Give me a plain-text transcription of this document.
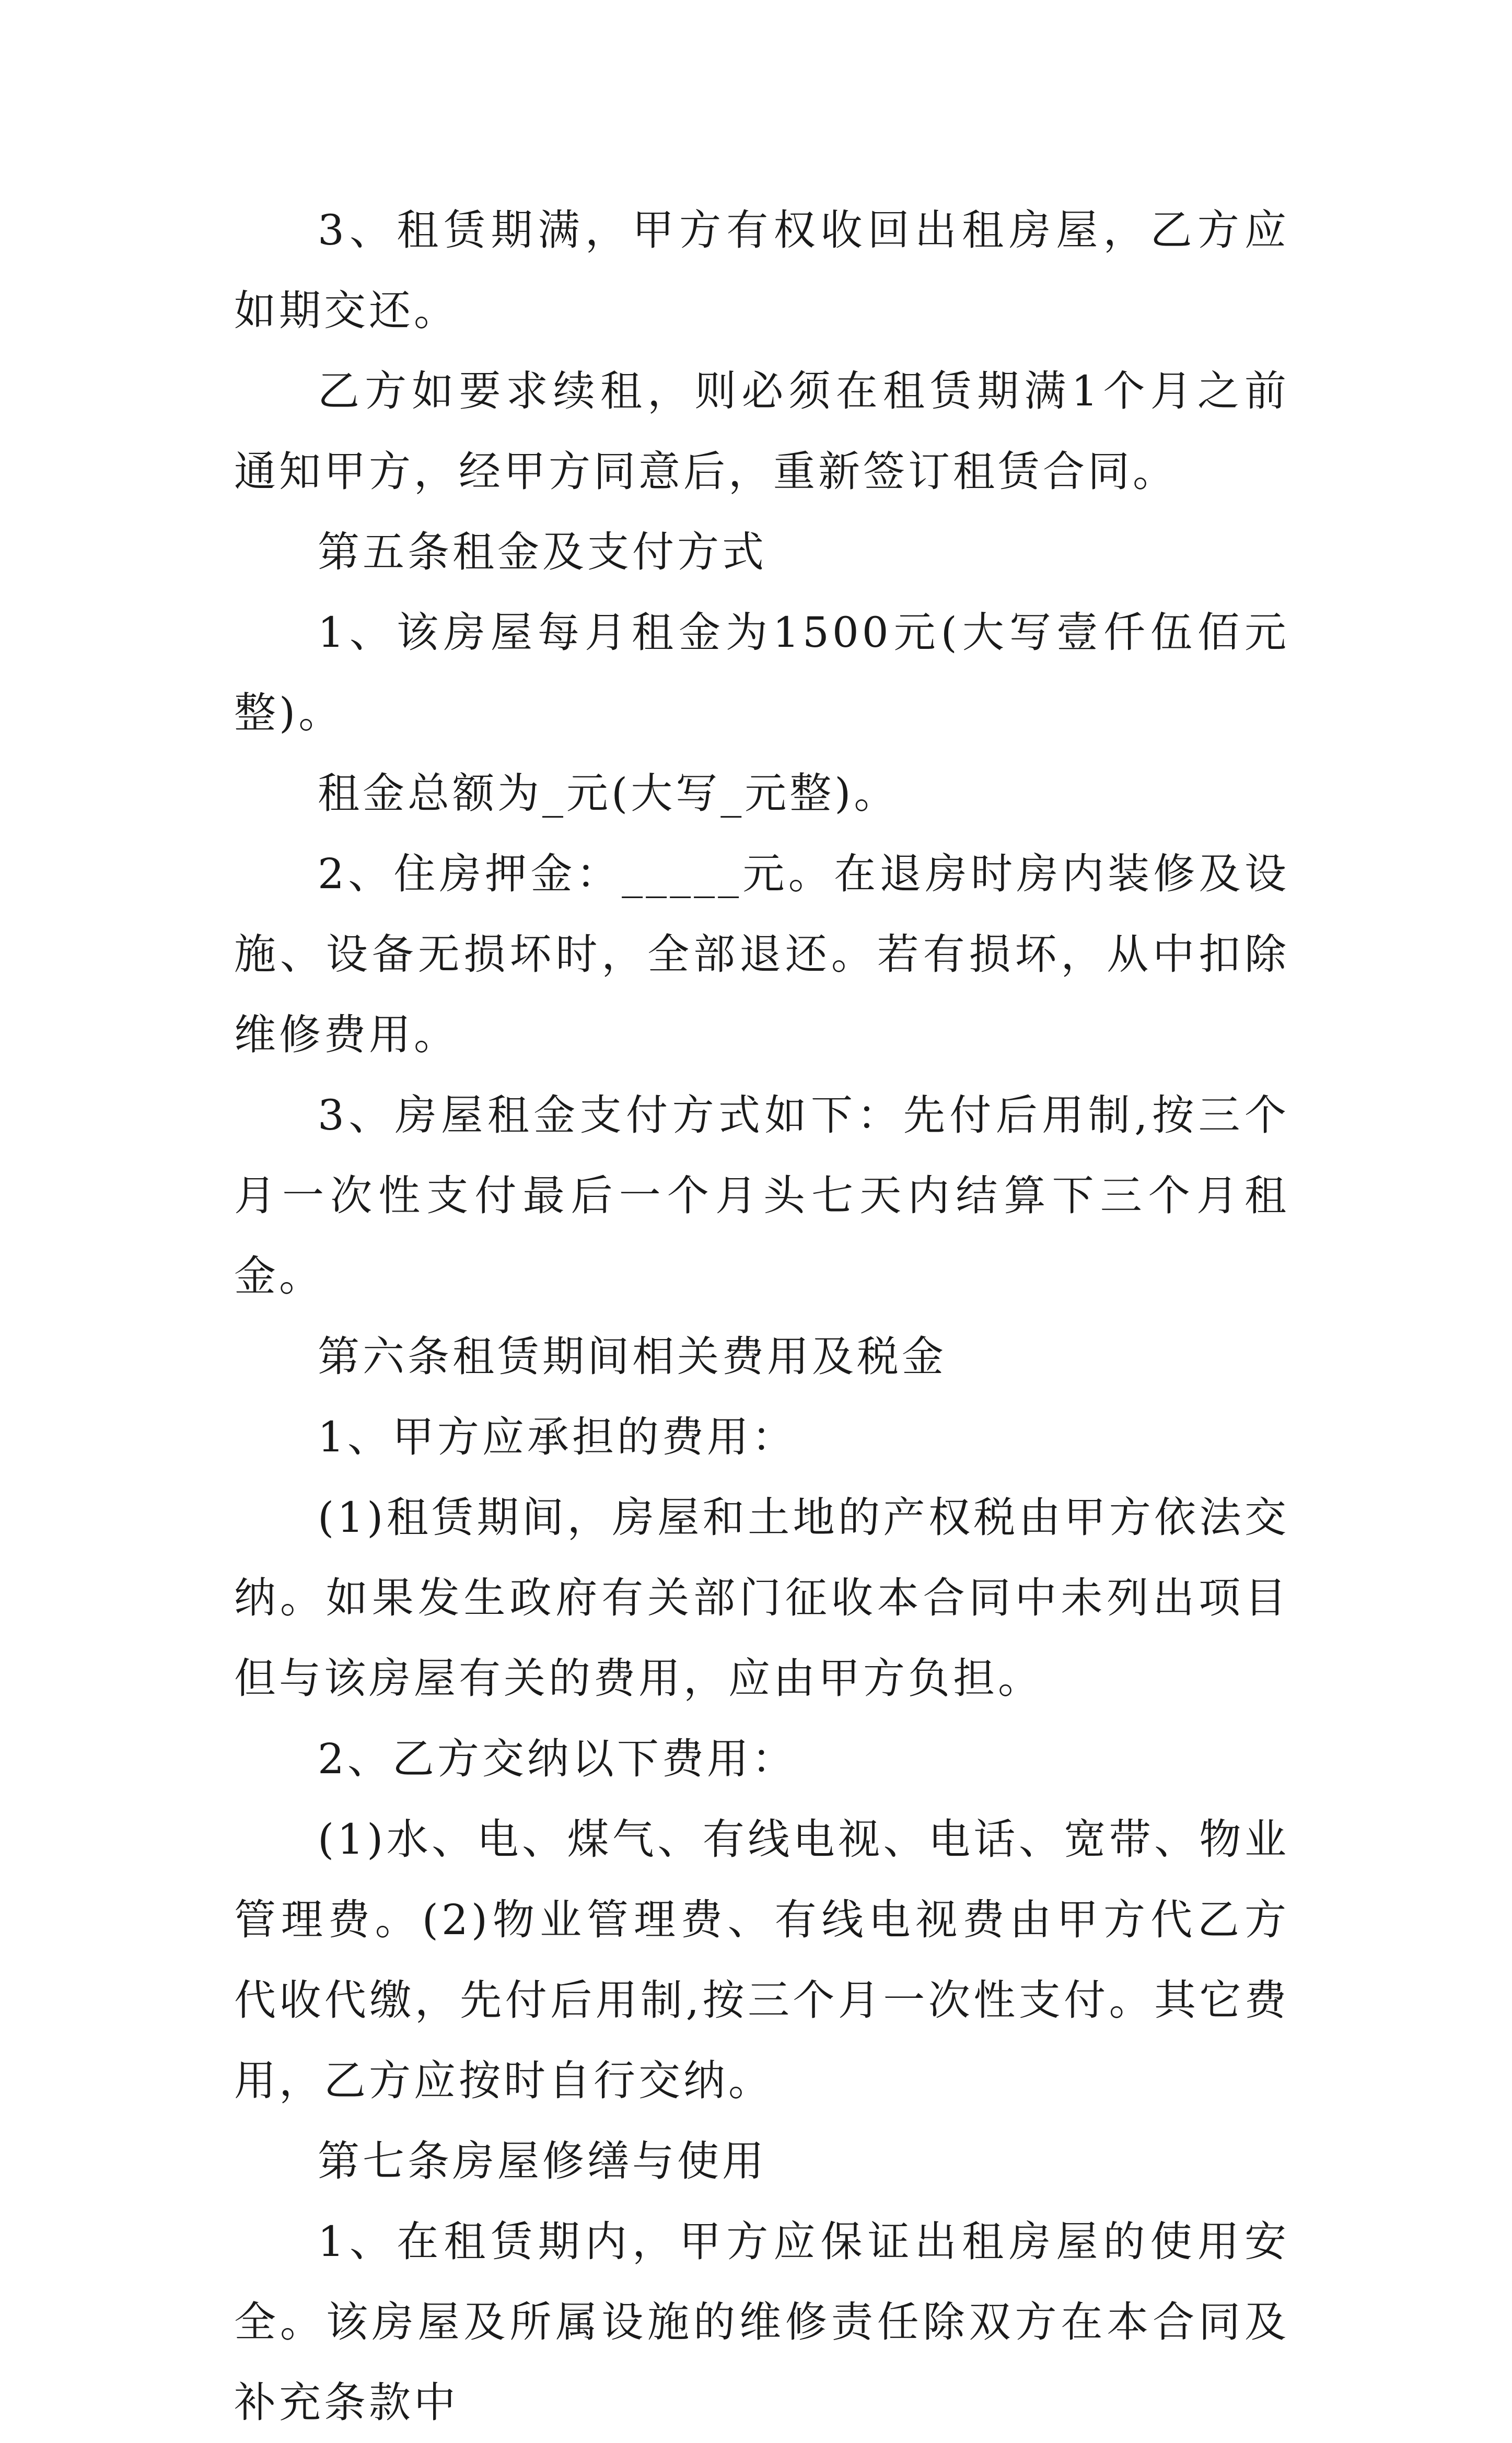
3、租赁期满，甲方有权收回出租房屋，乙方应如期交还。

乙方如要求续租，则必须在租赁期满1个月之前通知甲方，经甲方同意后，重新签订租赁合同。

第五条租金及支付方式

1、该房屋每月租金为1500元(大写壹仟伍佰元整)。

租金总额为_元(大写_元整)。

2、住房押金：_____元。在退房时房内装修及设施、设备无损坏时，全部退还。若有损坏，从中扣除维修费用。

3、房屋租金支付方式如下：先付后用制,按三个月一次性支付最后一个月头七天内结算下三个月租金。

第六条租赁期间相关费用及税金

1、甲方应承担的费用：

(1)租赁期间，房屋和土地的产权税由甲方依法交纳。如果发生政府有关部门征收本合同中未列出项目但与该房屋有关的费用，应由甲方负担。

2、乙方交纳以下费用：

(1)水、电、煤气、有线电视、电话、宽带、物业管理费。(2)物业管理费、有线电视费由甲方代乙方代收代缴，先付后用制,按三个月一次性支付。其它费用，乙方应按时自行交纳。

第七条房屋修缮与使用

1、在租赁期内，甲方应保证出租房屋的使用安全。该房屋及所属设施的维修责任除双方在本合同及补充条款中
